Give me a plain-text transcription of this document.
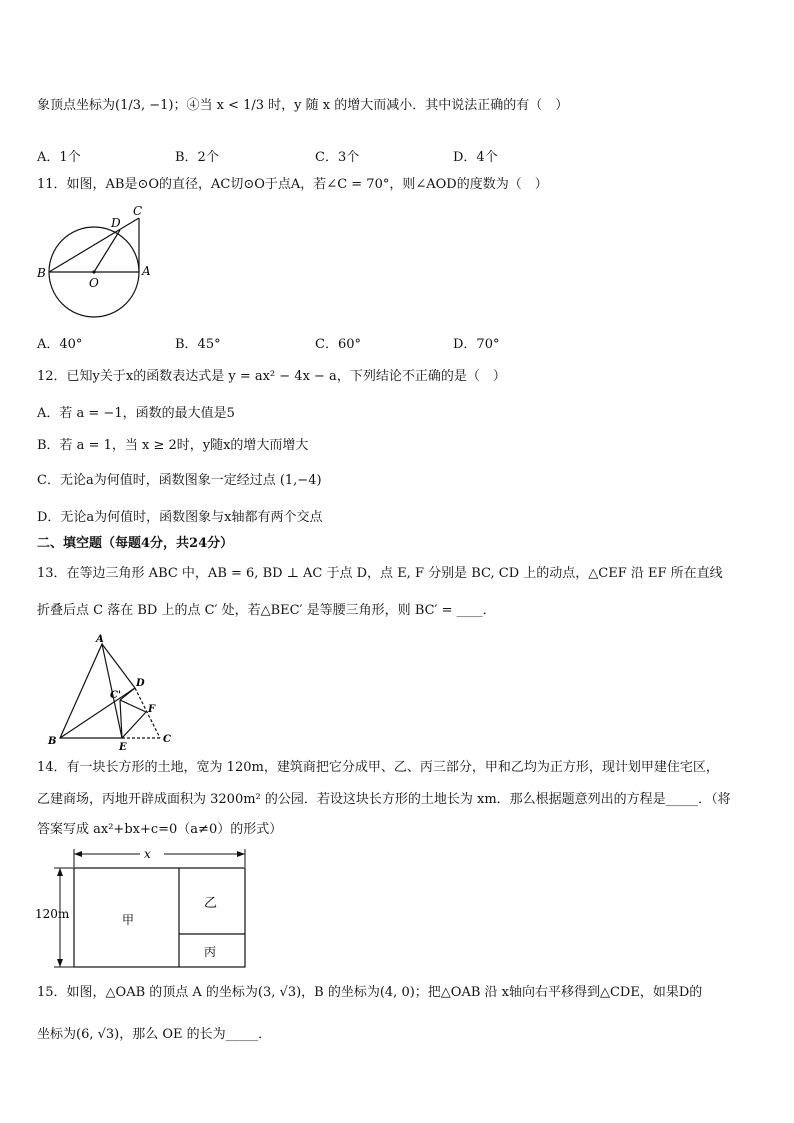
象顶点坐标为(1/3, −1)；④当 x < 1/3 时，y 随 x 的增大而减小．其中说法正确的有（　）
A．1个	B．2个	C．3个	D．4个
11．如图，AB是⊙O的直径，AC切⊙O于点A，若∠C = 70°，则∠AOD的度数为（　）
B	A
O
D
C
A．40°	B．45°	C．60°	D．70°
12．已知y关于x的函数表达式是 y = ax² − 4x − a，下列结论不正确的是（　）
A．若 a = −1，函数的最大值是5
B．若 a = 1，当 x ≥ 2时，y随x的增大而增大
C．无论a为何值时，函数图象一定经过点 (1,−4)
D．无论a为何值时，函数图象与x轴都有两个交点
二、填空题（每题4分，共24分）
13．在等边三角形 ABC 中，AB = 6, BD ⊥ AC 于点 D，点 E, F 分别是 BC, CD 上的动点，△CEF 沿 EF 所在直线
折叠后点 C 落在 BD 上的点 C′ 处，若△BEC′ 是等腰三角形，则 BC′ = ____．
A
B	C
D
E
F
C'
14．有一块长方形的土地，宽为 120m，建筑商把它分成甲、乙、丙三部分，甲和乙均为正方形，现计划甲建住宅区，
乙建商场，丙地开辟成面积为 3200m² 的公园．若设这块长方形的土地长为 xm．那么根据题意列出的方程是_____．（将
答案写成 ax²+bx+c=0（a≠0）的形式）
x
120m	甲
乙
丙
15．如图，△OAB 的顶点 A 的坐标为(3, √3)，B 的坐标为(4, 0)；把△OAB 沿 x轴向右平移得到△CDE，如果D的
坐标为(6, √3)，那么 OE 的长为_____．
